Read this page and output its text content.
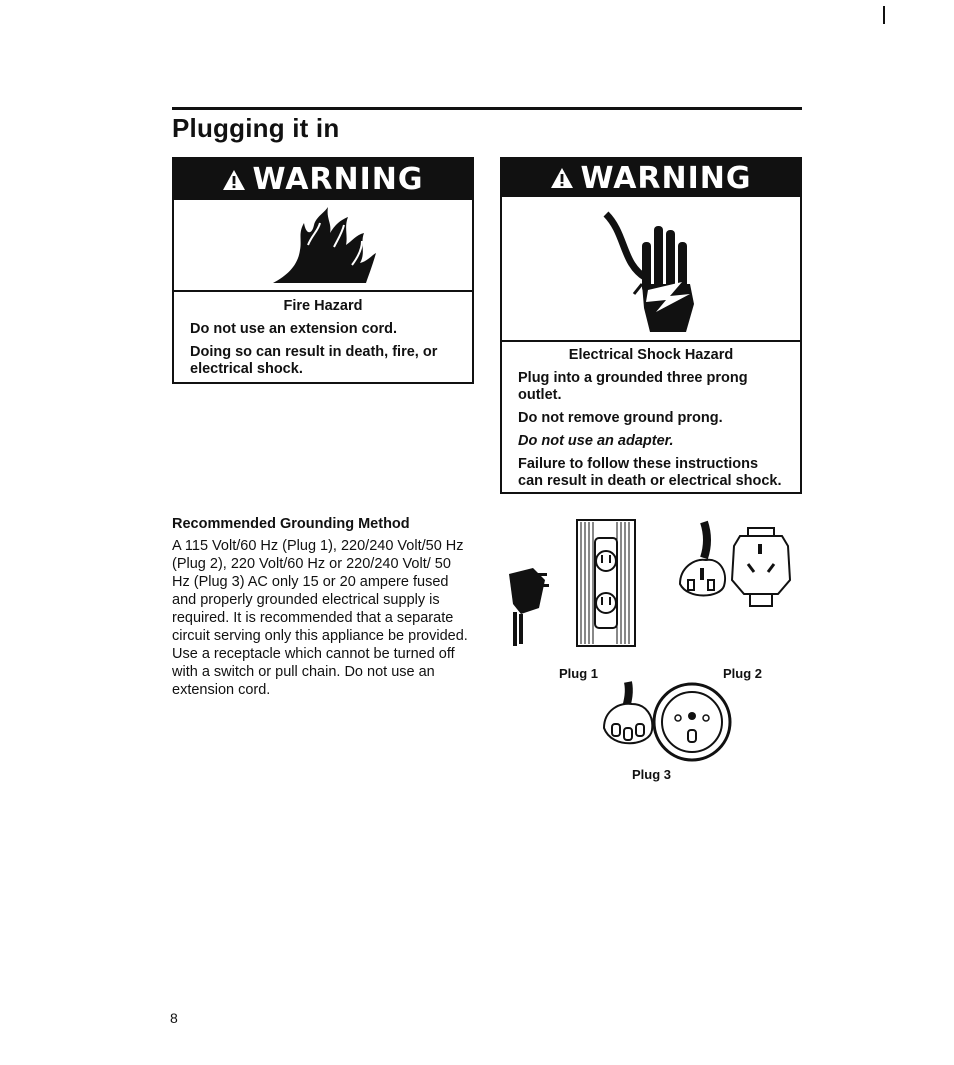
Plugging it in
WARNING
Fire Hazard

Do not use an extension cord.

Doing so can result in death, fire, or electrical shock.

WARNING
Electrical Shock Hazard

Plug into a grounded three prong outlet.

Do not remove ground prong.

Do not use an adapter.

Failure to follow these instructions can result in death or electrical shock.

Recommended Grounding Method
A 115 Volt/60 Hz (Plug 1), 220/240 Volt/50 Hz (Plug 2), 220 Volt/60 Hz or 220/240 Volt/ 50 Hz (Plug 3) AC only 15 or 20 ampere fused and properly grounded electrical supply is required. It is recommended that a separate circuit serving only this appliance be provided. Use a receptacle which cannot be turned off with a switch or pull chain. Do not use an extension cord.
Plug 1	Plug 2
Plug 3
8
